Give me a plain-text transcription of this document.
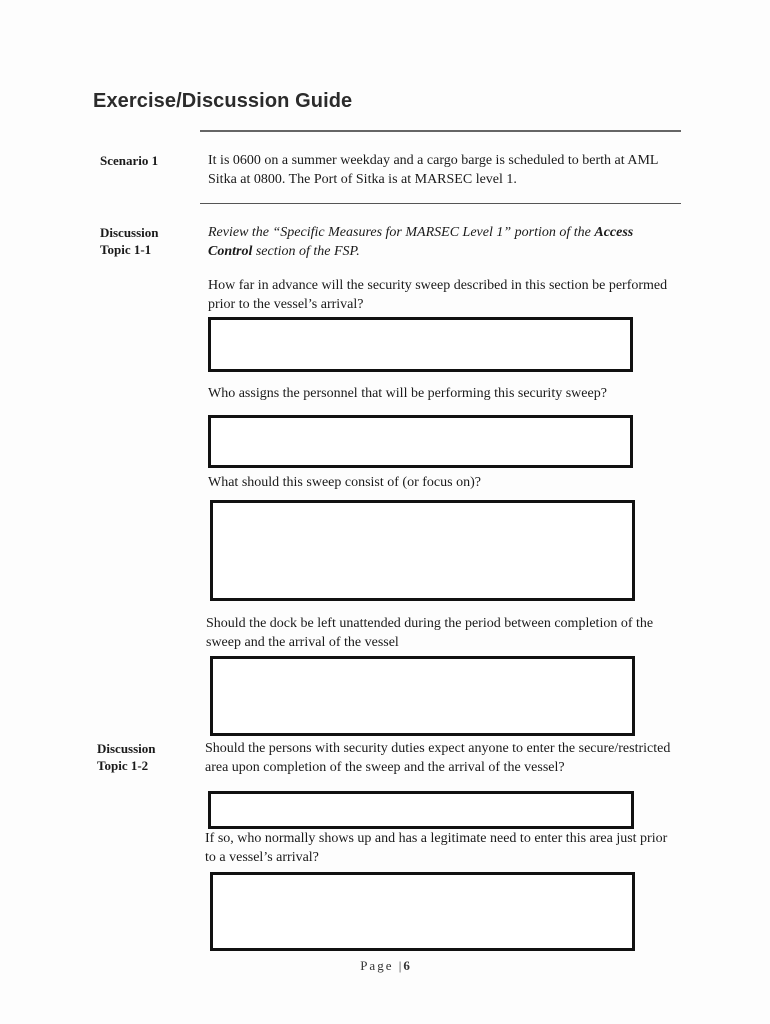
Exercise/Discussion Guide
Scenario 1	It is 0600 on a summer weekday and a cargo barge is scheduled to berth at AML Sitka at 0800. The Port of Sitka is at MARSEC level 1.
Discussion
Topic 1-1
Review the “Specific Measures for MARSEC Level 1” portion of the Access Control section of the FSP.
How far in advance will the security sweep described in this section be performed prior to the vessel’s arrival?
Who assigns the personnel that will be performing this security sweep?
What should this sweep consist of (or focus on)?
Should the dock be left unattended during the period between completion of the sweep and the arrival of the vessel
Discussion
Topic 1-2
Should the persons with security duties expect anyone to enter the secure/restricted area upon completion of the sweep and the arrival of the vessel?
If so, who normally shows up and has a legitimate need to enter this area just prior to a vessel’s arrival?
Page |6
